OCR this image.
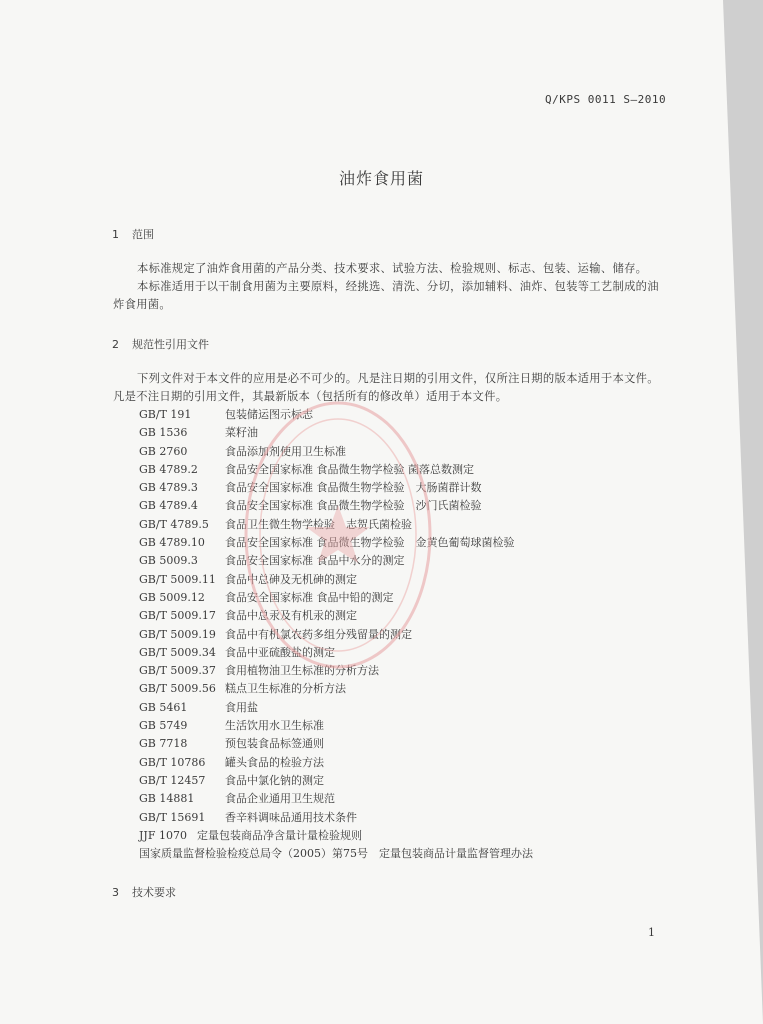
Q/KPS 0011 S—2010
油炸食用菌
1 范围
本标准规定了油炸食用菌的产品分类、技术要求、试验方法、检验规则、标志、包装、运输、储存。
本标准适用于以干制食用菌为主要原料，经挑选、清洗、分切，添加辅料、油炸、包装等工艺制成的油炸食用菌。
2 规范性引用文件
下列文件对于本文件的应用是必不可少的。凡是注日期的引用文件，仅所注日期的版本适用于本文件。凡是不注日期的引用文件，其最新版本（包括所有的修改单）适用于本文件。
GB/T 191	包装储运图示标志
GB 1536	菜籽油
GB 2760	食品添加剂使用卫生标准
GB 4789.2 食品安全国家标准 食品微生物学检验 菌落总数测定
GB 4789.3 食品安全国家标准 食品微生物学检验　大肠菌群计数
GB 4789.4 食品安全国家标准 食品微生物学检验　沙门氏菌检验
GB/T 4789.5 食品卫生微生物学检验　志贺氏菌检验
GB 4789.10 食品安全国家标准 食品微生物学检验　金黄色葡萄球菌检验
GB 5009.3 食品安全国家标准 食品中水分的测定
GB/T 5009.11 食品中总砷及无机砷的测定
GB 5009.12 食品安全国家标准 食品中铅的测定
GB/T 5009.17 食品中总汞及有机汞的测定
GB/T 5009.19 食品中有机氯农药多组分残留量的测定
GB/T 5009.34 食品中亚硫酸盐的测定
GB/T 5009.37 食用植物油卫生标准的分析方法
GB/T 5009.56 糕点卫生标准的分析方法
GB 5461	食用盐
GB 5749	生活饮用水卫生标准
GB 7718	预包装食品标签通则
GB/T 10786 罐头食品的检验方法
GB/T 12457 食品中氯化钠的测定
GB 14881	食品企业通用卫生规范
GB/T 15691 香辛料调味品通用技术条件
JJF 1070 定量包装商品净含量计量检验规则
国家质量监督检验检疫总局令（2005）第75号　 定量包装商品计量监督管理办法
3 技术要求
1
